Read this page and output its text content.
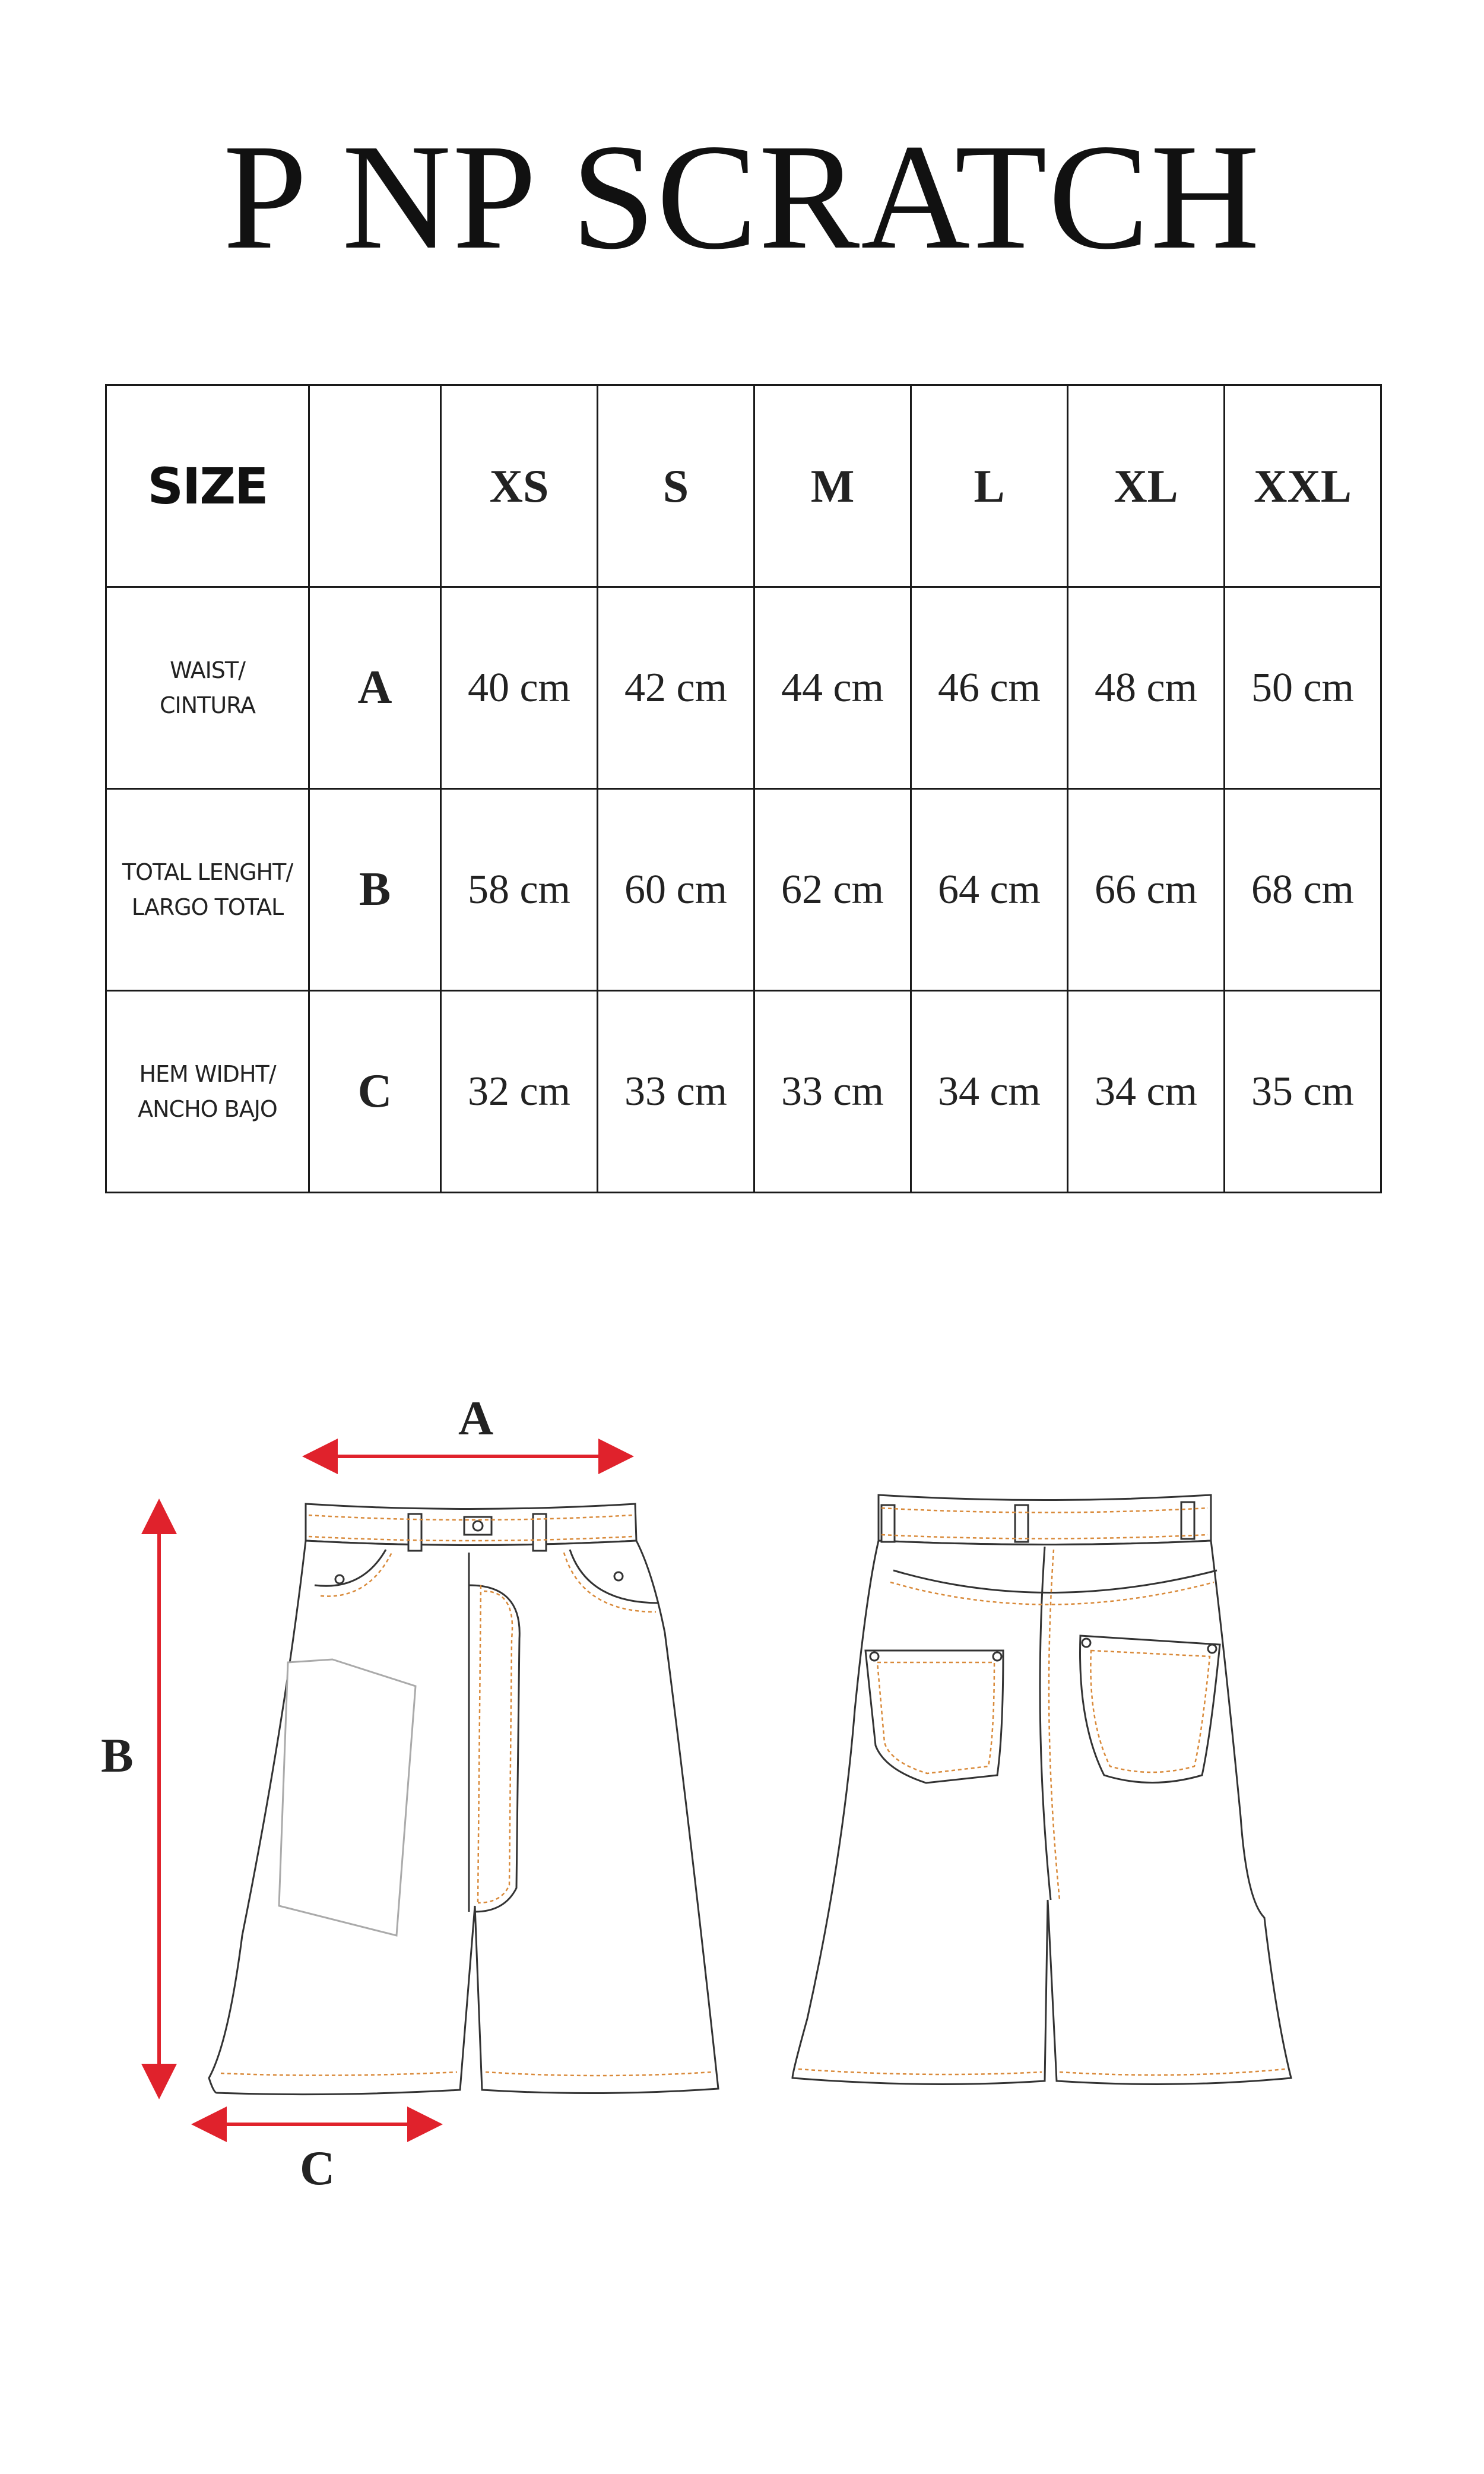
P NP SCRATCH
SIZE		XS	S	M	L	XL	XXL

WAIST/
CINTURA	A	40 cm	42 cm	44 cm	46 cm	48 cm	50 cm

TOTAL LENGHT/
LARGO TOTAL	B	58 cm	60 cm	62 cm	64 cm	66 cm	68 cm

HEM WIDHT/
ANCHO BAJO	C	32 cm	33 cm	33 cm	34 cm	34 cm	35 cm
A
B
C
